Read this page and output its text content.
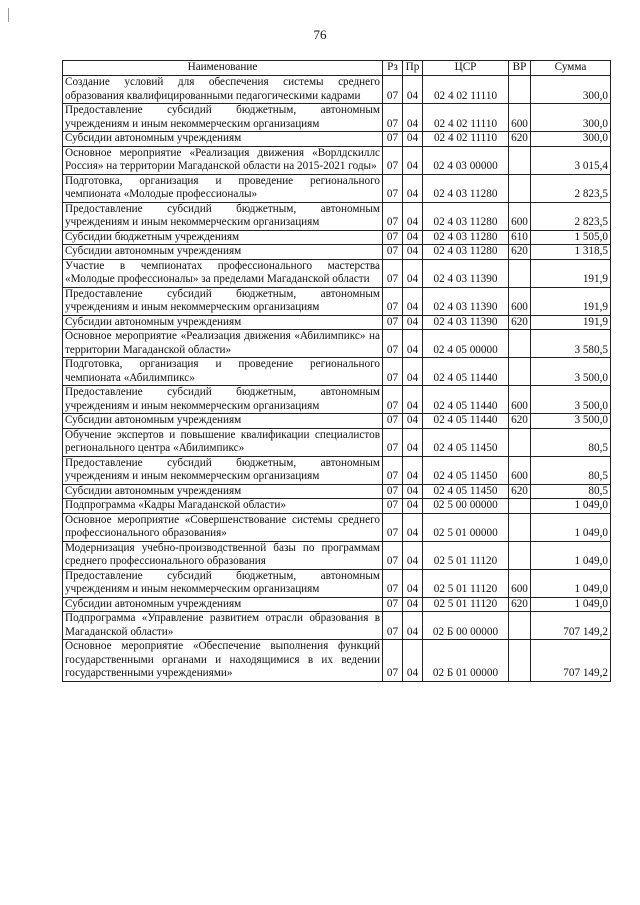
76
Наименование	Рз	Пр	ЦСР	ВР	Сумма
Создание условий для обеспечения системы среднего образования квалифицированными педагогическими кадрами	07	04	02 4 02 11110		300,0
Предоставление субсидий бюджетным, автономным учреждениям и иным некоммерческим организациям	07	04	02 4 02 11110	600	300,0
Субсидии автономным учреждениям	07	04	02 4 02 11110	620	300,0
Основное мероприятие «Реализация движения «Ворлдскиллс Россия» на территории Магаданской области на 2015-2021 годы»	07	04	02 4 03 00000		3 015,4
Подготовка, организация и проведение регионального чемпионата «Молодые профессионалы»	07	04	02 4 03 11280		2 823,5
Предоставление субсидий бюджетным, автономным учреждениям и иным некоммерческим организациям	07	04	02 4 03 11280	600	2 823,5
Субсидии бюджетным учреждениям	07	04	02 4 03 11280	610	1 505,0
Субсидии автономным учреждениям	07	04	02 4 03 11280	620	1 318,5
Участие в чемпионатах профессионального мастерства «Молодые профессионалы» за пределами Магаданской области	07	04	02 4 03 11390		191,9
Предоставление субсидий бюджетным, автономным учреждениям и иным некоммерческим организациям	07	04	02 4 03 11390	600	191,9
Субсидии автономным учреждениям	07	04	02 4 03 11390	620	191,9
Основное мероприятие «Реализация движения «Абилимпикс» на территории Магаданской области»	07	04	02 4 05 00000		3 580,5
Подготовка, организация и проведение регионального чемпионата «Абилимпикс»	07	04	02 4 05 11440		3 500,0
Предоставление субсидий бюджетным, автономным учреждениям и иным некоммерческим организациям	07	04	02 4 05 11440	600	3 500,0
Субсидии автономным учреждениям	07	04	02 4 05 11440	620	3 500,0
Обучение экспертов и повышение квалификации специалистов регионального центра «Абилимпикс»	07	04	02 4 05 11450		80,5
Предоставление субсидий бюджетным, автономным учреждениям и иным некоммерческим организациям	07	04	02 4 05 11450	600	80,5
Субсидии автономным учреждениям	07	04	02 4 05 11450	620	80,5
Подпрограмма «Кадры Магаданской области»	07	04	02 5 00 00000		1 049,0
Основное мероприятие «Совершенствование системы среднего профессионального образования»	07	04	02 5 01 00000		1 049,0
Модернизация учебно-производственной базы по программам среднего профессионального образования	07	04	02 5 01 11120		1 049,0
Предоставление субсидий бюджетным, автономным учреждениям и иным некоммерческим организациям	07	04	02 5 01 11120	600	1 049,0
Субсидии автономным учреждениям	07	04	02 5 01 11120	620	1 049,0
Подпрограмма «Управление развитием отрасли образования в Магаданской области»	07	04	02 Б 00 00000		707 149,2
Основное мероприятие «Обеспечение выполнения функций государственными органами и находящимися в их ведении государственными учреждениями»	07	04	02 Б 01 00000		707 149,2
